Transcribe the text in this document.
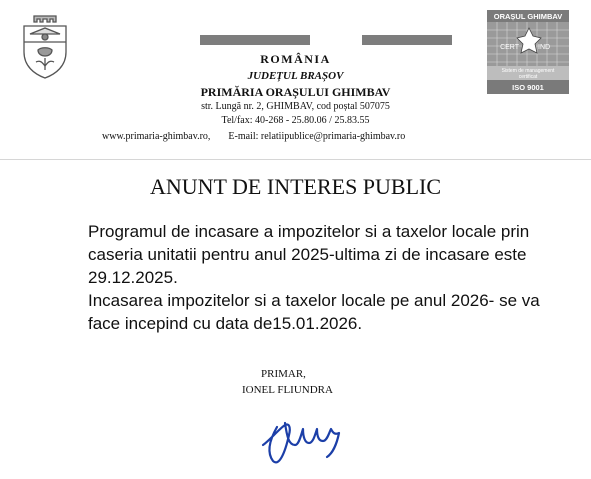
ORAȘUL GHIMBAV
CERT	IND
Sistem de management
certificat
ISO 9001
ROMÂNIA
JUDEȚUL BRAȘOV
PRIMĂRIA ORAȘULUI GHIMBAV
str. Lungă nr. 2, GHIMBAV, cod poștal 507075
Tel/fax: 40-268 - 25.80.06 / 25.83.55
www.primaria-ghimbav.ro, E-mail: relatiipublice@primaria-ghimbav.ro
ANUNT DE INTERES PUBLIC
Programul de incasare a impozitelor si a taxelor locale prin caseria unitatii pentru anul 2025-ultima zi de incasare este 29.12.2025.
Incasarea impozitelor si a taxelor locale pe anul 2026- se va face incepind cu data de15.01.2026.
PRIMAR,
IONEL FLIUNDRA
